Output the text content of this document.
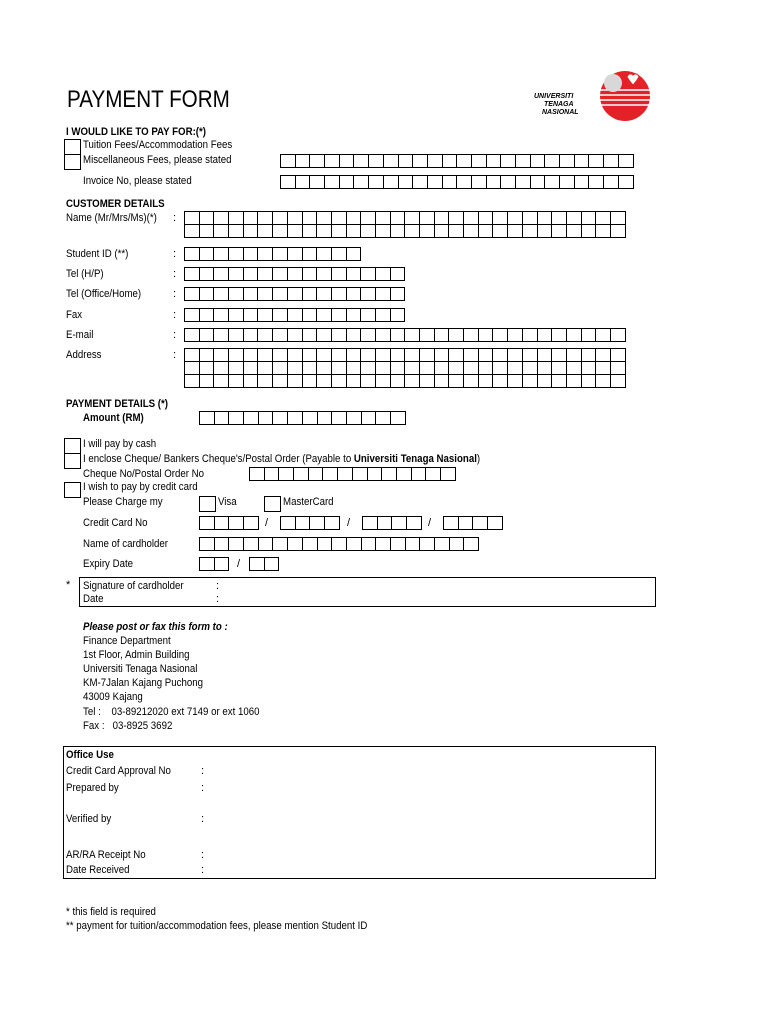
PAYMENT FORM	UNIVERSITI
TENAGA
NASIONAL
I WOULD LIKE TO PAY FOR:(*)
Tuition Fees/Accommodation Fees
Miscellaneous Fees, please stated
Invoice No, please stated
CUSTOMER DETAILS
Name (Mr/Mrs/Ms)(*)	:
Student ID (**)	:
Tel (H/P)	:
Tel (Office/Home)	:
Fax	:
E-mail	:
Address	:
PAYMENT DETAILS (*)
Amount (RM)
I will pay by cash
I enclose Cheque/ Bankers Cheque's/Postal Order (Payable to Universiti Tenaga Nasional)
Cheque No/Postal Order No
I wish to pay by credit card
Please Charge my	Visa	MasterCard
Credit Card No	/	/	/
Name of cardholder
Expiry Date	/
* Signature of cardholder	:
Date	:
Please post or fax this form to :
Finance Department
1st Floor, Admin Building
Universiti Tenaga Nasional
KM-7Jalan Kajang Puchong
43009 Kajang
Tel :    03-89212020 ext 7149 or ext 1060
Fax :   03-8925 3692
Office Use
Credit Card Approval No	:
Prepared by	:
Verified by	:
AR/RA Receipt No	:
Date Received	:
* this field is required
** payment for tuition/accommodation fees, please mention Student ID
